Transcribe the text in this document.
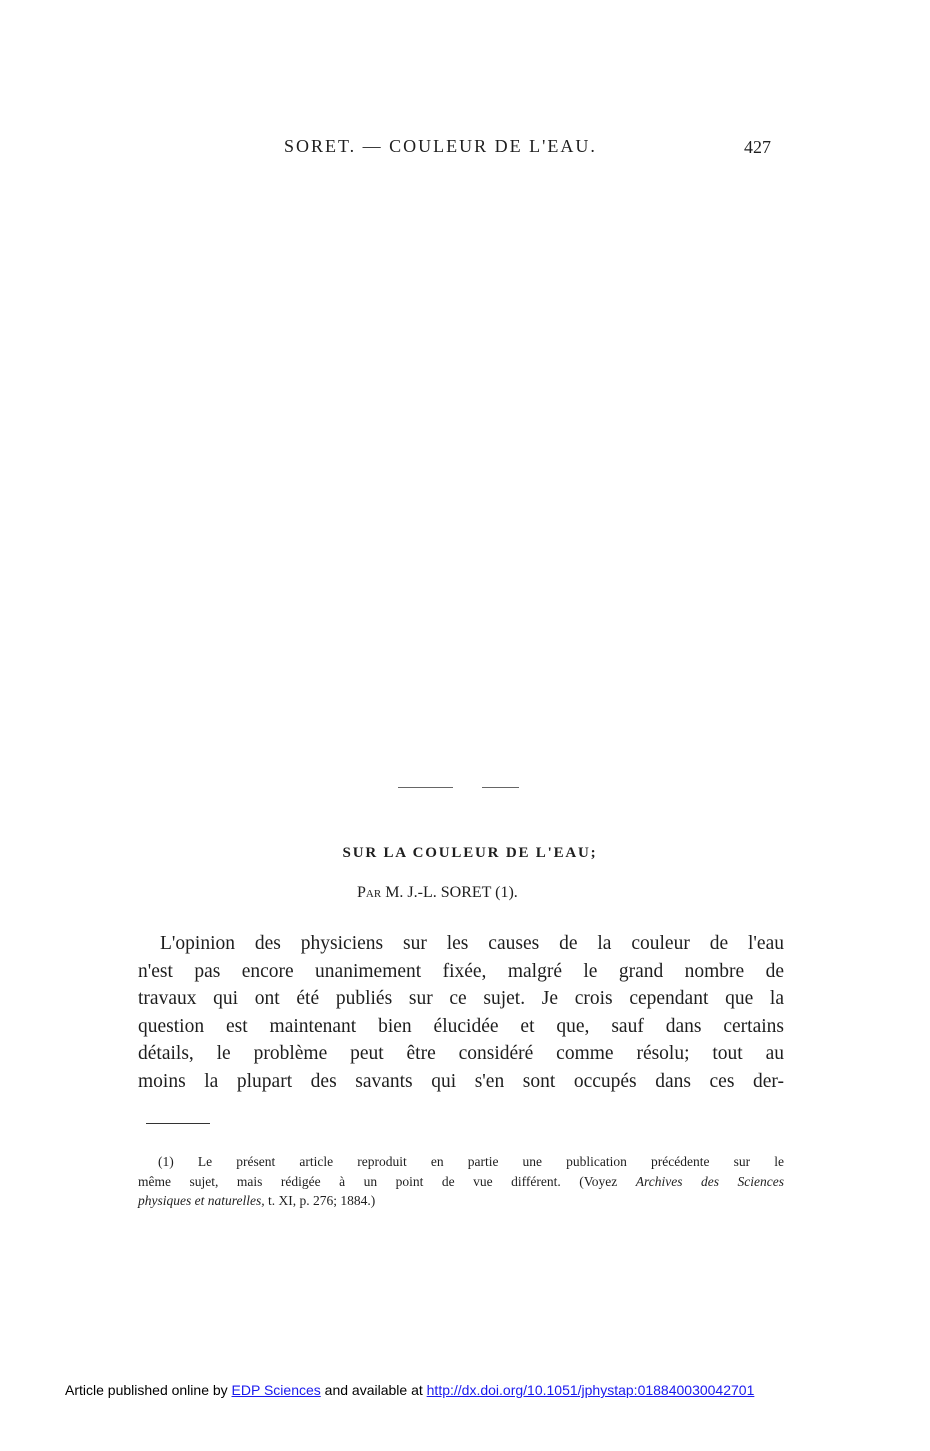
SORET. — COULEUR DE L'EAU.	427
SUR LA COULEUR DE L'EAU;
Par M. J.-L. SORET (1).

L'opinion des physiciens sur les causes de la couleur de l'eau
n'est pas encore unanimement fixée, malgré le grand nombre de
travaux qui ont été publiés sur ce sujet. Je crois cependant que la
question est maintenant bien élucidée et que, sauf dans certains
détails, le problème peut être considéré comme résolu; tout au
moins la plupart des savants qui s'en sont occupés dans ces der-

(1) Le présent article reproduit en partie une publication précédente sur le
même sujet, mais rédigée à un point de vue différent. (Voyez Archives des Sciences
physiques et naturelles, t. XI, p. 276; 1884.)
Article published online by EDP Sciences and available at http://dx.doi.org/10.1051/jphystap:018840030042701
